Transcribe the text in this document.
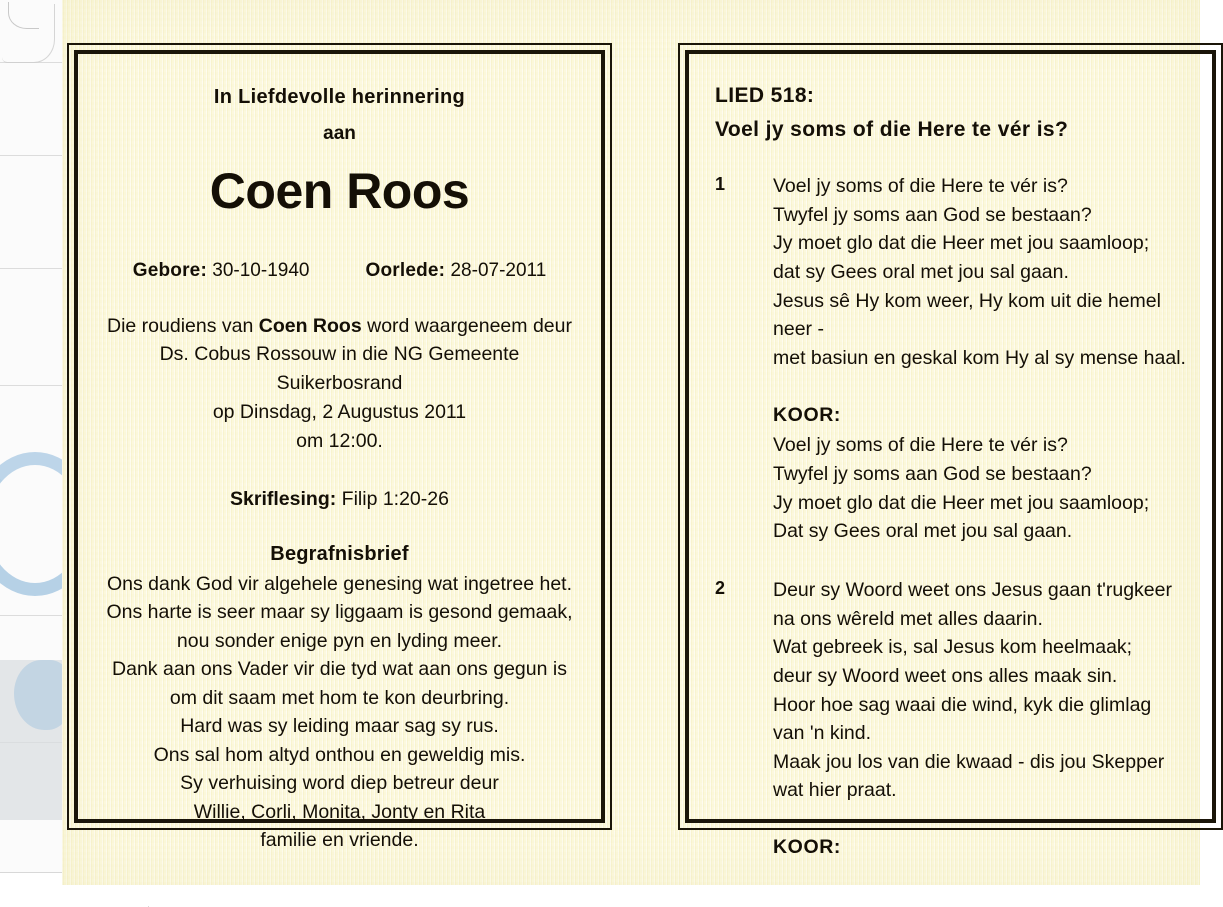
In Liefdevolle herinnering
aan
Coen Roos
Gebore: 30-10-1940	Oorlede: 28-07-2011
Die roudiens van Coen Roos word waargeneem deur
Ds. Cobus Rossouw in die NG Gemeente Suikerbosrand
op Dinsdag, 2 Augustus 2011
om 12:00.
Skriflesing: Filip 1:20-26
Begrafnisbrief
Ons dank God vir algehele genesing wat ingetree het.
Ons harte is seer maar sy liggaam is gesond gemaak,
nou sonder enige pyn en lyding meer.
Dank aan ons Vader vir die tyd wat aan ons gegun is
om dit saam met hom te kon deurbring.
Hard was sy leiding maar sag sy rus.
Ons sal hom altyd onthou en geweldig mis.
Sy verhuising word diep betreur deur
Willie, Corli, Monita, Jonty en Rita
familie en vriende.
LIED 518:
Voel jy soms of die Here te vér is?
1	Voel jy soms of die Here te vér is?
Twyfel jy soms aan God se bestaan?
Jy moet glo dat die Heer met jou saamloop;
dat sy Gees oral met jou sal gaan.
Jesus sê Hy kom weer, Hy kom uit die hemel neer -
met basiun en geskal kom Hy al sy mense haal.
KOOR:
Voel jy soms of die Here te vér is?
Twyfel jy soms aan God se bestaan?
Jy moet glo dat die Heer met jou saamloop;
Dat sy Gees oral met jou sal gaan.
2	Deur sy Woord weet ons Jesus gaan t'rugkeer
na ons wêreld met alles daarin.
Wat gebreek is, sal Jesus kom heelmaak;
deur sy Woord weet ons alles maak sin.
Hoor hoe sag waai die wind, kyk die glimlag van 'n kind.
Maak jou los van die kwaad - dis jou Skepper wat hier praat.
KOOR:
